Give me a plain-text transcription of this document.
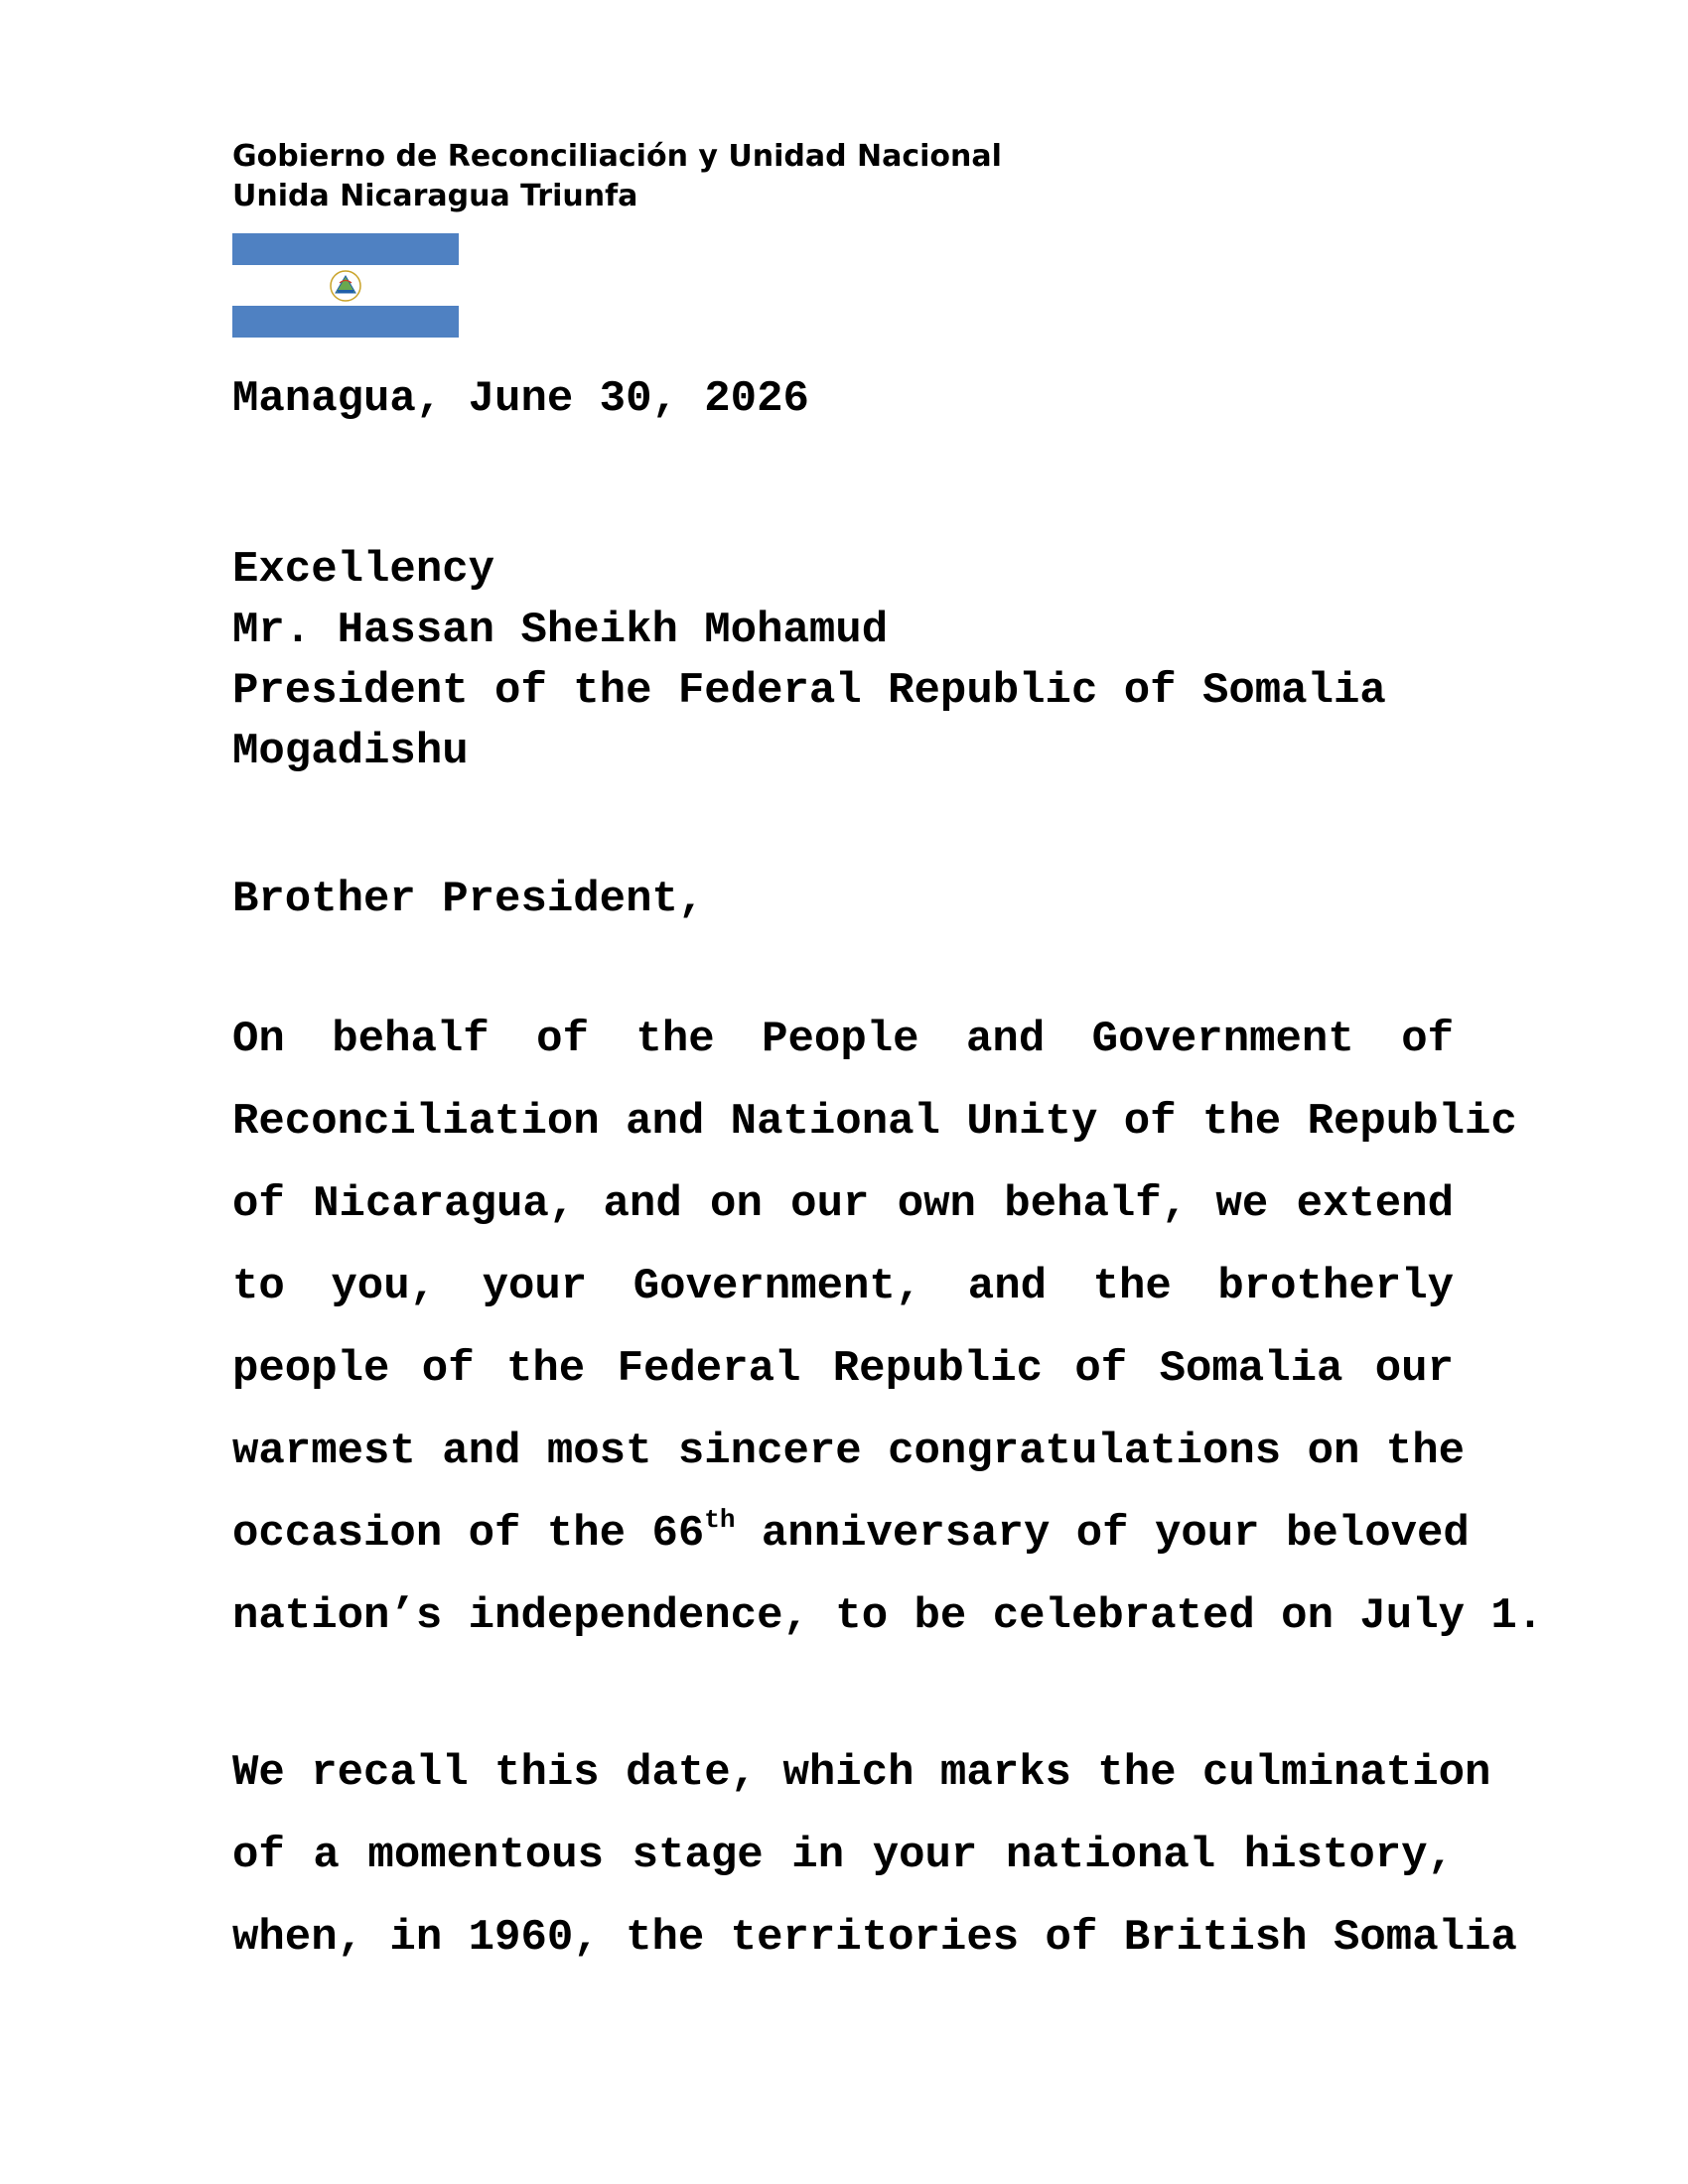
Gobierno de Reconciliación y Unidad Nacional
Unida Nicaragua Triunfa

Managua, June 30, 2026

Excellency
Mr. Hassan Sheikh Mohamud
President of the Federal Republic of Somalia
Mogadishu

Brother President,

On behalf of the People and Government of
Reconciliation and National Unity of the Republic
of Nicaragua, and on our own behalf, we extend
to you, your Government, and the brotherly
people of the Federal Republic of Somalia our
warmest and most sincere congratulations on the
occasion of the 66th anniversary of your beloved
nation’s independence, to be celebrated on July 1.
We recall this date, which marks the culmination
of a momentous stage in your national history,
when, in 1960, the territories of British Somalia
